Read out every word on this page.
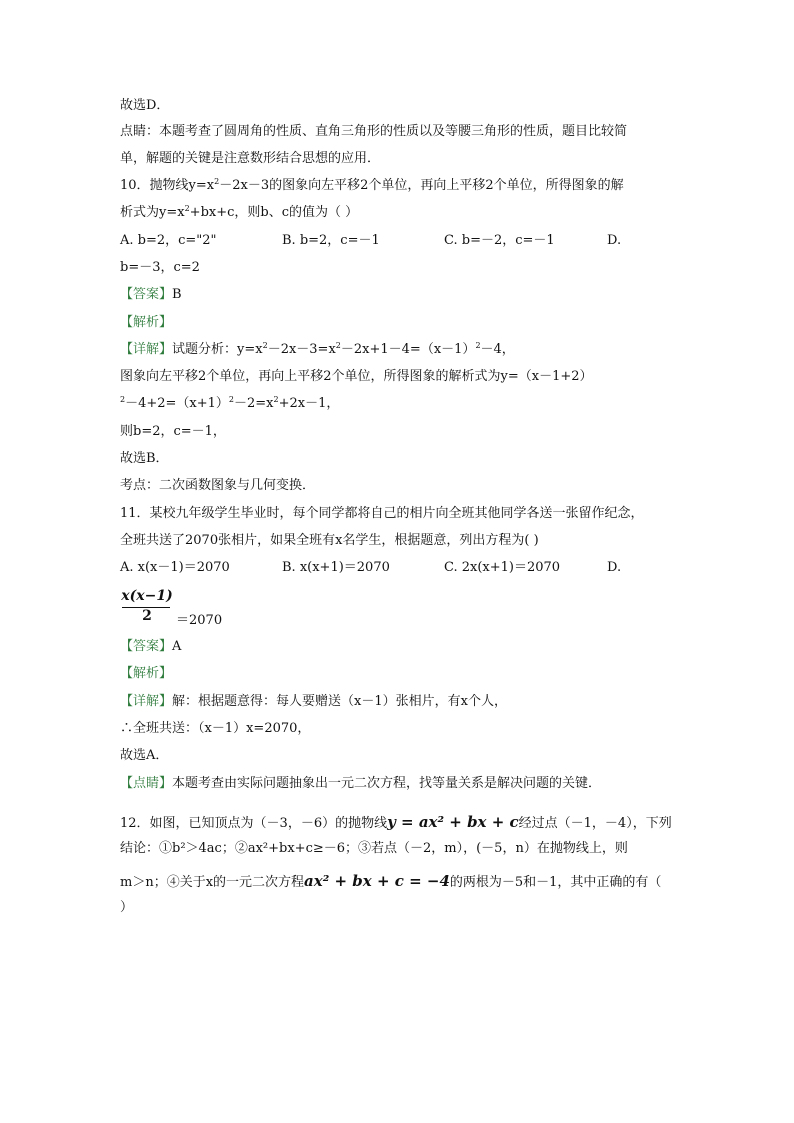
故选D．
点睛：本题考查了圆周角的性质、直角三角形的性质以及等腰三角形的性质，题目比较简
单，解题的关键是注意数形结合思想的应用．
10．抛物线$y=x^2-2x-3$的图象向左平移2个单位，再向上平移2个单位，所得图象的解
析式为$y=x^2+bx+c$，则b、c的值为（ ）
A. b=2，c="2"	B. b=2，c=－1	C. b=－2，c=－1	D.
b=－3，c=2
【答案】B
【解析】
【详解】试题分析：$y=x^2-2x-3=x^2-2x+1-4=(x-1)^2-4$，
图象向左平移2个单位，再向上平移2个单位，所得图象的解析式为y=（x－1+2）
$^2-4+2=(x+1)^2-2=x^2+2x-1$，
则b=2，c=－1，
故选B．
考点：二次函数图象与几何变换．
11．某校九年级学生毕业时，每个同学都将自己的相片向全班其他同学各送一张留作纪念，
全班共送了2070张相片，如果全班有x名学生，根据题意，列出方程为( )
A. x(x－1)＝2070	B. x(x+1)＝2070	C. 2x(x+1)＝2070	D.
x(x−1)
2	＝2070
【答案】A
【解析】
【详解】解：根据题意得：每人要赠送（x－1）张相片，有x个人，
∴全班共送：（x－1）x=2070，
故选A．
【点睛】本题考查由实际问题抽象出一元二次方程，找等量关系是解决问题的关键．
12．如图，已知顶点为（－3，－6）的抛物线y = ax² + bx + c经过点（－1，－4），下列
结论：①b²＞4ac；②ax²+bx+c≥－6；③若点（－2，m），(－5，n）在抛物线上，则
m＞n；④关于x的一元二次方程ax² + bx + c = −4的两根为－5和－1，其中正确的有（
）
